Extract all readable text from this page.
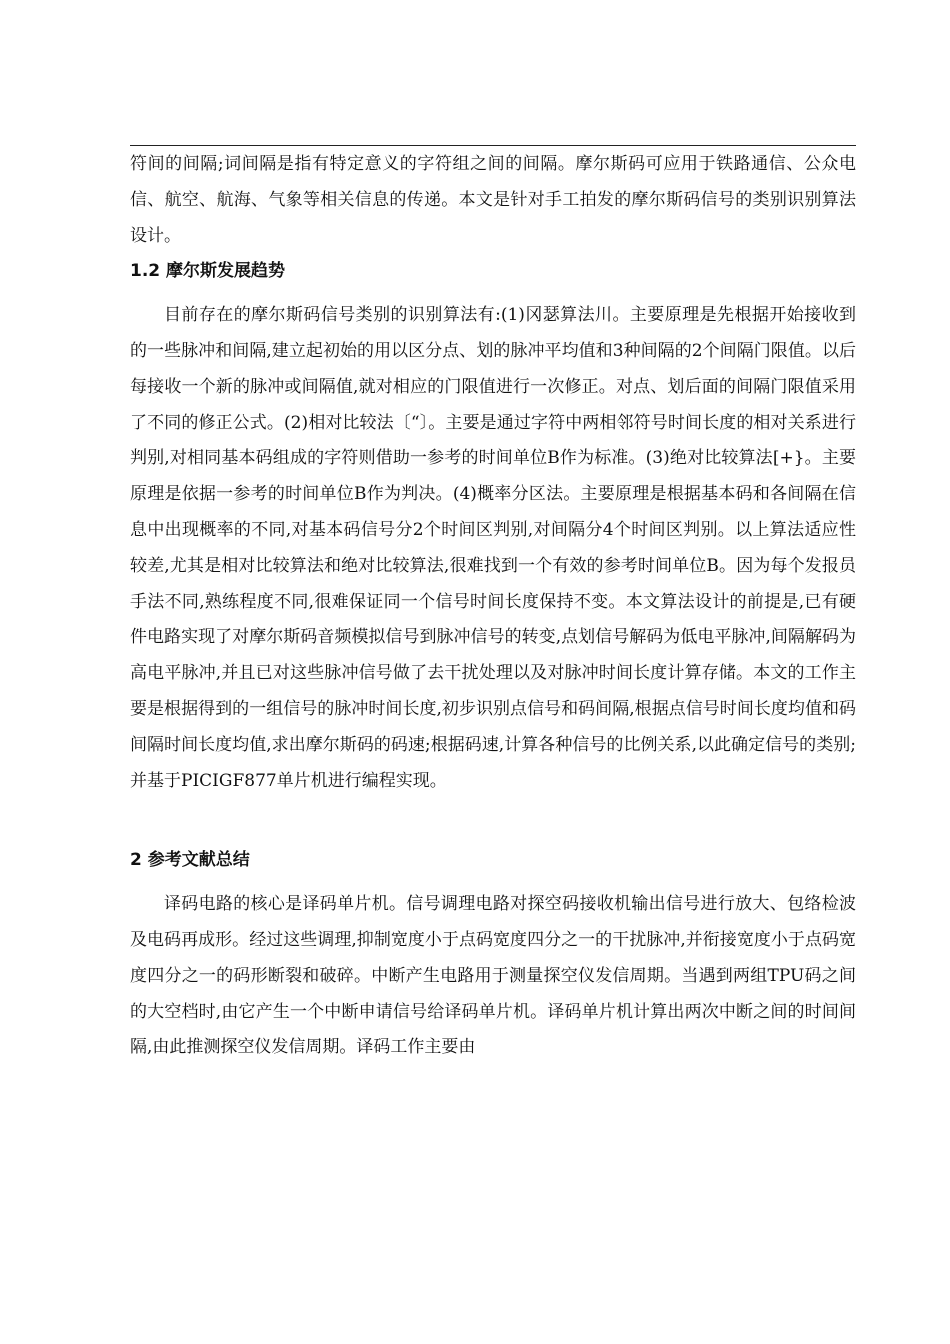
符间的间隔;词间隔是指有特定意义的字符组之间的间隔。摩尔斯码可应用于铁路通信、公众电信、航空、航海、气象等相关信息的传递。本文是针对手工拍发的摩尔斯码信号的类别识别算法设计。

1.2 摩尔斯发展趋势

目前存在的摩尔斯码信号类别的识别算法有:(1)冈瑟算法川。主要原理是先根据开始接收到的一些脉冲和间隔,建立起初始的用以区分点、划的脉冲平均值和3种间隔的2个间隔门限值。以后每接收一个新的脉冲或间隔值,就对相应的门限值进行一次修正。对点、划后面的间隔门限值采用了不同的修正公式。(2)相对比较法〔“〕。主要是通过字符中两相邻符号时间长度的相对关系进行判别,对相同基本码组成的字符则借助一参考的时间单位B作为标准。(3)绝对比较算法[+}。主要原理是依据一参考的时间单位B作为判决。(4)概率分区法。主要原理是根据基本码和各间隔在信息中出现概率的不同,对基本码信号分2个时间区判别,对间隔分4个时间区判别。以上算法适应性较差,尤其是相对比较算法和绝对比较算法,很难找到一个有效的参考时间单位B。因为每个发报员手法不同,熟练程度不同,很难保证同一个信号时间长度保持不变。本文算法设计的前提是,已有硬件电路实现了对摩尔斯码音频模拟信号到脉冲信号的转变,点划信号解码为低电平脉冲,间隔解码为高电平脉冲,并且已对这些脉冲信号做了去干扰处理以及对脉冲时间长度计算存储。本文的工作主要是根据得到的一组信号的脉冲时间长度,初步识别点信号和码间隔,根据点信号时间长度均值和码间隔时间长度均值,求出摩尔斯码的码速;根据码速,计算各种信号的比例关系,以此确定信号的类别;并基于PICIGF877单片机进行编程实现。

2 参考文献总结

译码电路的核心是译码单片机。信号调理电路对探空码接收机输出信号进行放大、包络检波及电码再成形。经过这些调理,抑制宽度小于点码宽度四分之一的干扰脉冲,并衔接宽度小于点码宽度四分之一的码形断裂和破碎。中断产生电路用于测量探空仪发信周期。当遇到两组TPU码之间的大空档时,由它产生一个中断申请信号给译码单片机。译码单片机计算出两次中断之间的时间间隔,由此推测探空仪发信周期。译码工作主要由
